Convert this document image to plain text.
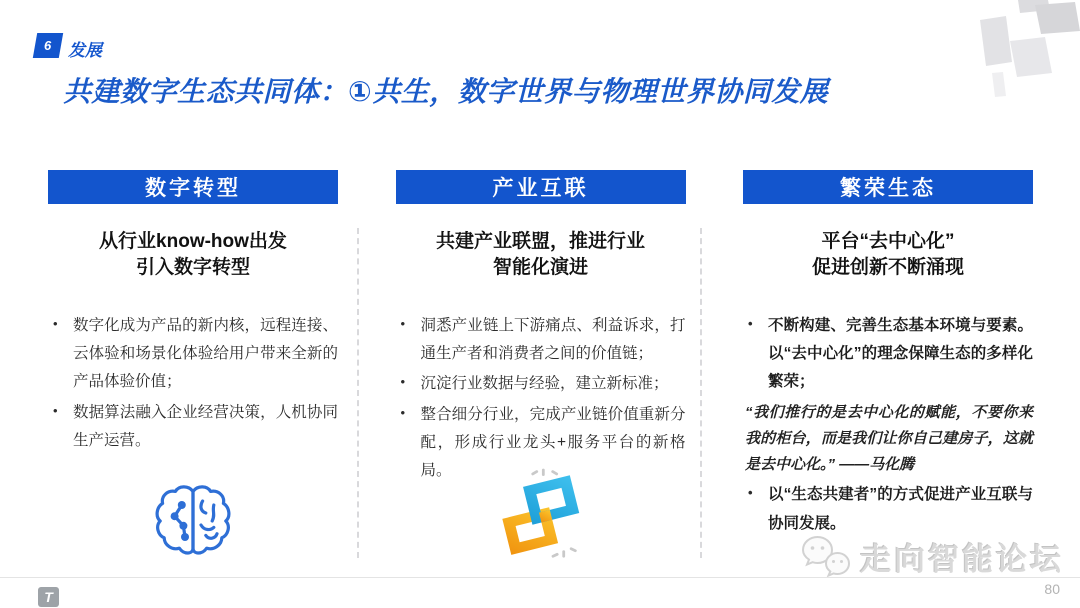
6 发展
共建数字生态共同体：①共生，数字世界与物理世界协同发展
数字转型
从行业know-how出发
引入数字转型
• 数字化成为产品的新内核，远程连接、云体验和场景化体验给用户带来全新的产品体验价值；
• 数据算法融入企业经营决策，人机协同生产运营。
产业互联
共建产业联盟，推进行业
智能化演进
• 洞悉产业链上下游痛点、利益诉求，打通生产者和消费者之间的价值链；
• 沉淀行业数据与经验，建立新标准；
• 整合细分行业，完成产业链价值重新分配，形成行业龙头+服务平台的新格局。
繁荣生态
平台“去中心化”
促进创新不断涌现
• 不断构建、完善生态基本环境与要素。以“去中心化”的理念保障生态的多样化繁荣；
“我们推行的是去中心化的赋能，不要你来我的柜台，而是我们让你自己建房子，这就是去中心化。” ——马化腾
• 以“生态共建者”的方式促进产业互联与协同发展。
走向智能论坛
T	80
